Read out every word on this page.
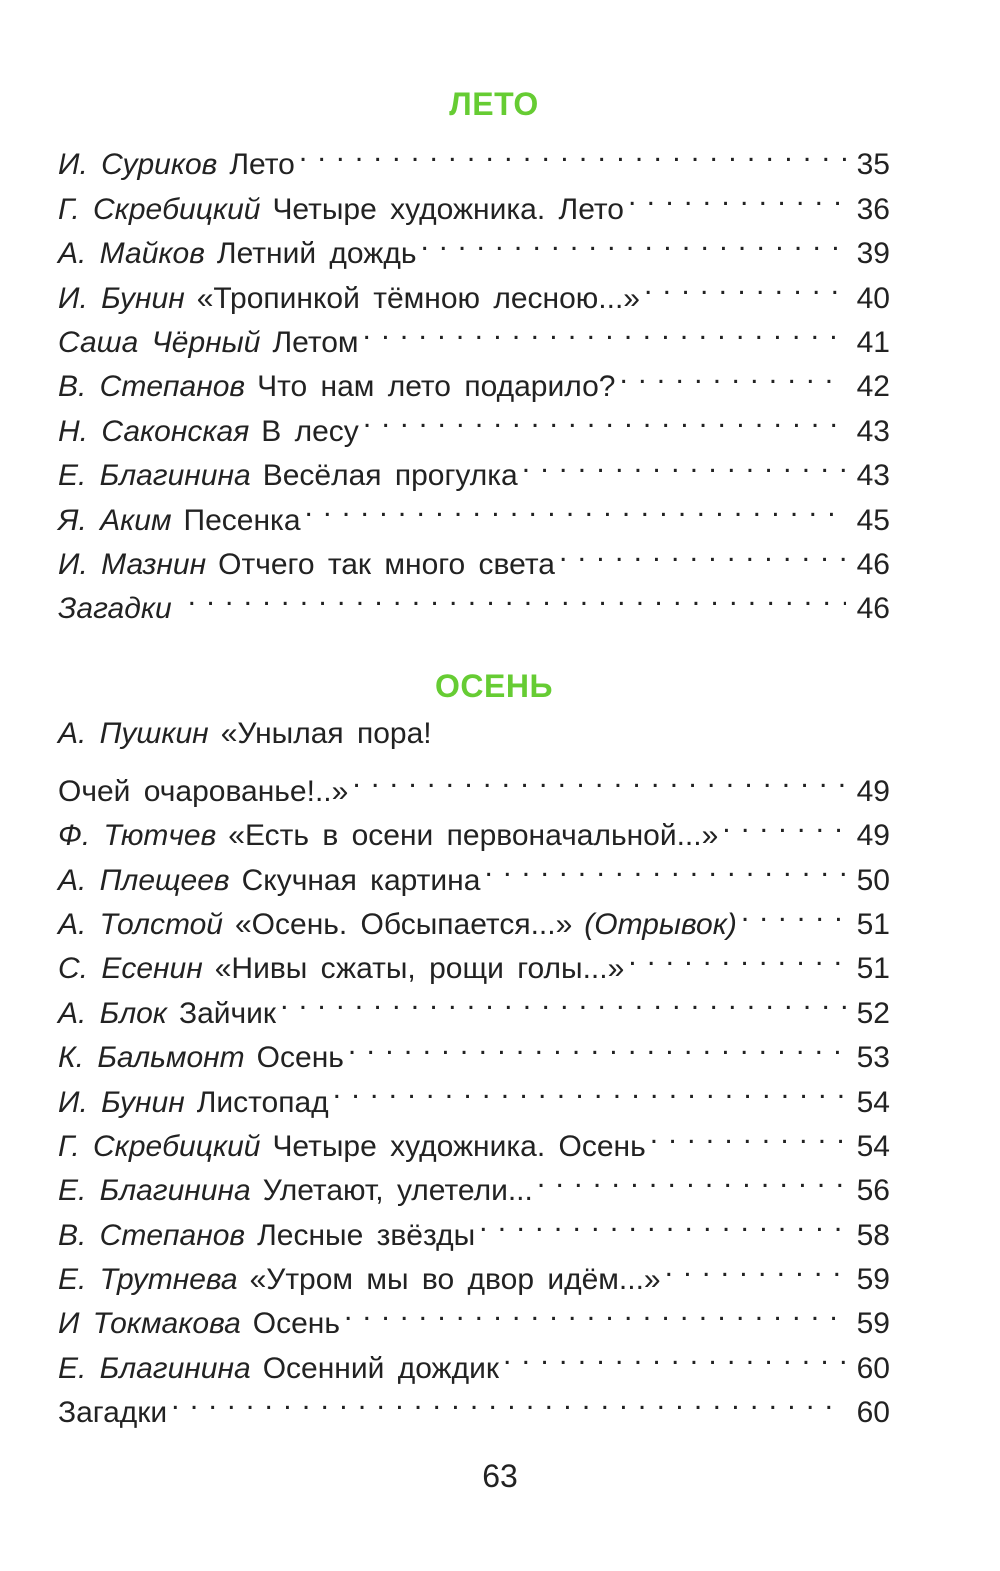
ЛЕТО
И. Суриков Лето . . .	35
Г. Скребицкий Четыре художника. Лето . . .	36
А. Майков Летний дождь . . .	39
И. Бунин «Тропинкой тёмною лесною...» . . .	40
Саша Чёрный Летом . . .	41
В. Степанов Что нам лето подарило? . . .	42
Н. Саконская В лесу . . .	43
Е. Благинина Весёлая прогулка . . .	43
Я. Аким Песенка . . .	45
И. Мазнин Отчего так много света . . .	46
Загадки . . .	46
ОСЕНЬ
А. Пушкин «Унылая пора!
Очей очарованье!..» . . .	49
Ф. Тютчев «Есть в осени первоначальной...» . . .	49
А. Плещеев Скучная картина . . .	50
А. Толстой «Осень. Обсыпается...» (Отрывок) . . .	51
С. Есенин «Нивы сжаты, рощи голы...» . . .	51
А. Блок Зайчик . . .	52
К. Бальмонт Осень . . .	53
И. Бунин Листопад . . .	54
Г. Скребицкий Четыре художника. Осень . . .	54
Е. Благинина Улетают, улетели... . . .	56
В. Степанов Лесные звёзды . . .	58
Е. Трутнева «Утром мы во двор идём...» . . .	59
И Токмакова Осень . . .	59
Е. Благинина Осенний дождик . . .	60
Загадки . . .	60
63
